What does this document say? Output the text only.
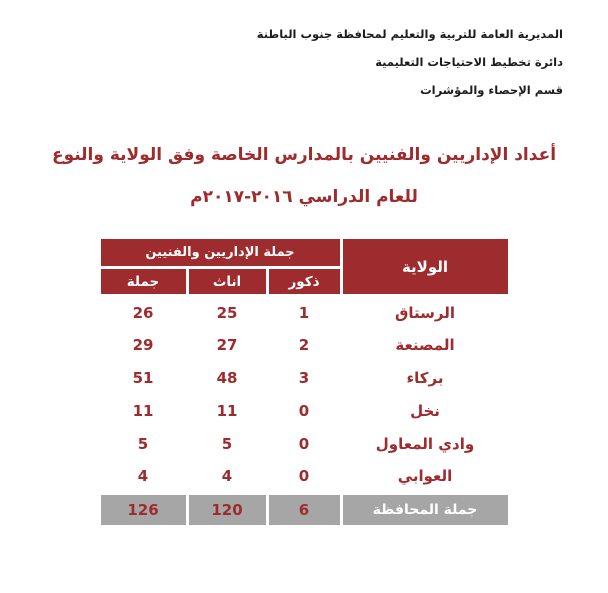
المديرية العامة للتربية والتعليم لمحافظة جنوب الباطنة
دائرة تخطيط الاحتياجات التعليمية
قسم الإحصاء والمؤشرات
أعداد الإداريين والفنيين بالمدارس الخاصة وفق الولاية والنوع
للعام الدراسي ٢٠١٦-٢٠١٧م
الولاية	جملة الإداريين والفنيين		
	ذكور	اناث	جملة
الرستاق	1	25	26
المصنعة	2	27	29
بركاء	3	48	51
نخل	0	11	11
وادي المعاول	0	5	5
العوابي	0	4	4
جملة المحافظة	6	120	126
